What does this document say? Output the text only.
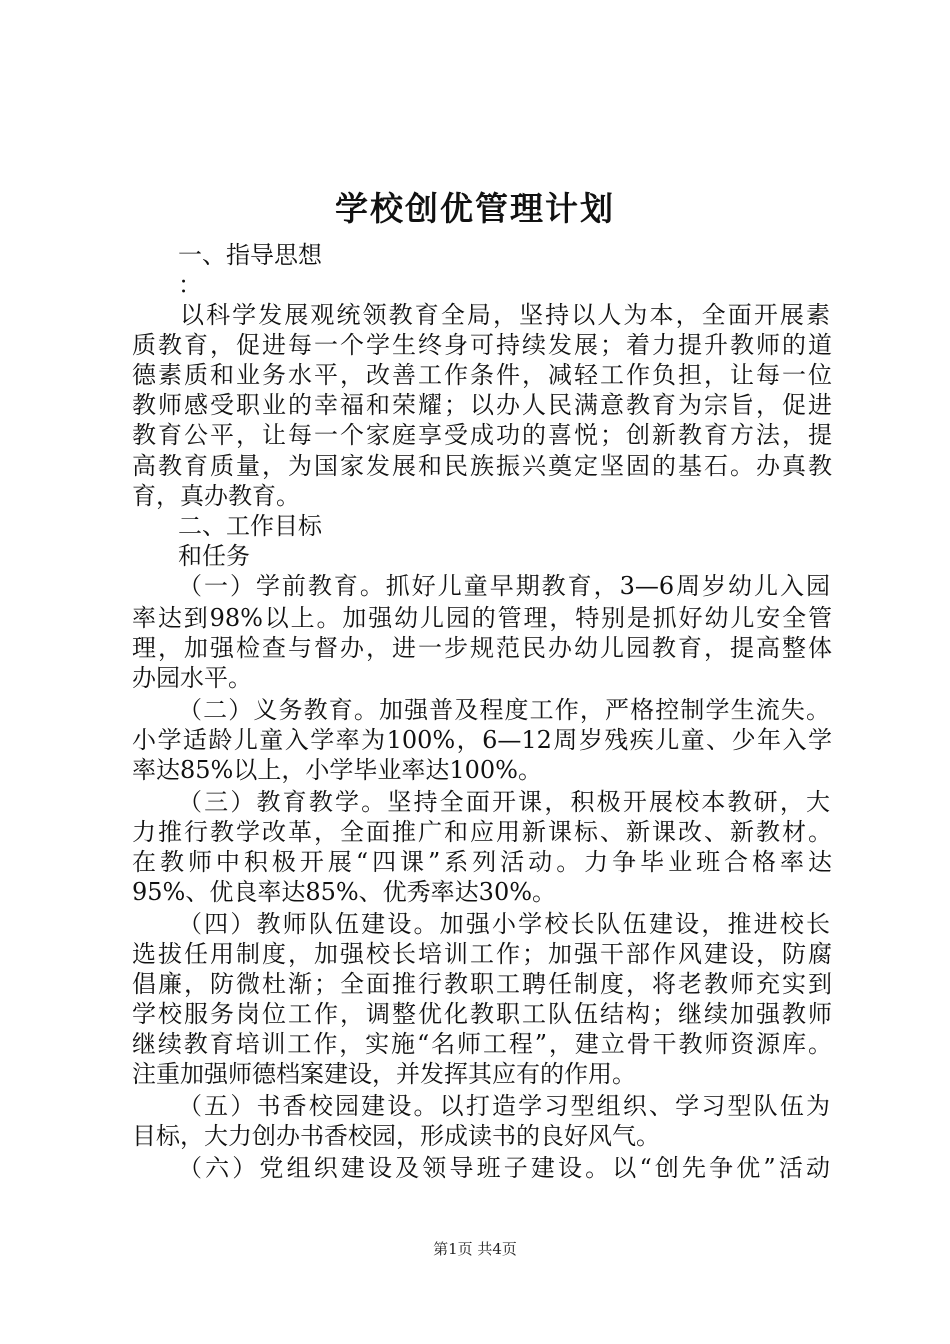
学校创优管理计划
一、指导思想
：
以科学发展观统领教育全局，坚持以人为本，全面开展素
质教育，促进每一个学生终身可持续发展；着力提升教师的道
德素质和业务水平，改善工作条件，减轻工作负担，让每一位
教师感受职业的幸福和荣耀；以办人民满意教育为宗旨，促进
教育公平，让每一个家庭享受成功的喜悦；创新教育方法，提
高教育质量，为国家发展和民族振兴奠定坚固的基石。办真教
育，真办教育。
二、工作目标
和任务
（一）学前教育。抓好儿童早期教育，3—6周岁幼儿入园
率达到98%以上。加强幼儿园的管理，特别是抓好幼儿安全管
理，加强检查与督办，进一步规范民办幼儿园教育，提高整体
办园水平。
（二）义务教育。加强普及程度工作，严格控制学生流失。
小学适龄儿童入学率为100%，6—12周岁残疾儿童、少年入学
率达85%以上，小学毕业率达100%。
（三）教育教学。坚持全面开课，积极开展校本教研，大
力推行教学改革，全面推广和应用新课标、新课改、新教材。
在教师中积极开展“四课”系列活动。力争毕业班合格率达
95%、优良率达85%、优秀率达30%。
（四）教师队伍建设。加强小学校长队伍建设，推进校长
选拔任用制度，加强校长培训工作；加强干部作风建设，防腐
倡廉，防微杜渐；全面推行教职工聘任制度，将老教师充实到
学校服务岗位工作，调整优化教职工队伍结构；继续加强教师
继续教育培训工作，实施“名师工程”，建立骨干教师资源库。
注重加强师德档案建设，并发挥其应有的作用。
（五）书香校园建设。以打造学习型组织、学习型队伍为
目标，大力创办书香校园，形成读书的良好风气。
（六）党组织建设及领导班子建设。以“创先争优”活动
第1页 共4页
